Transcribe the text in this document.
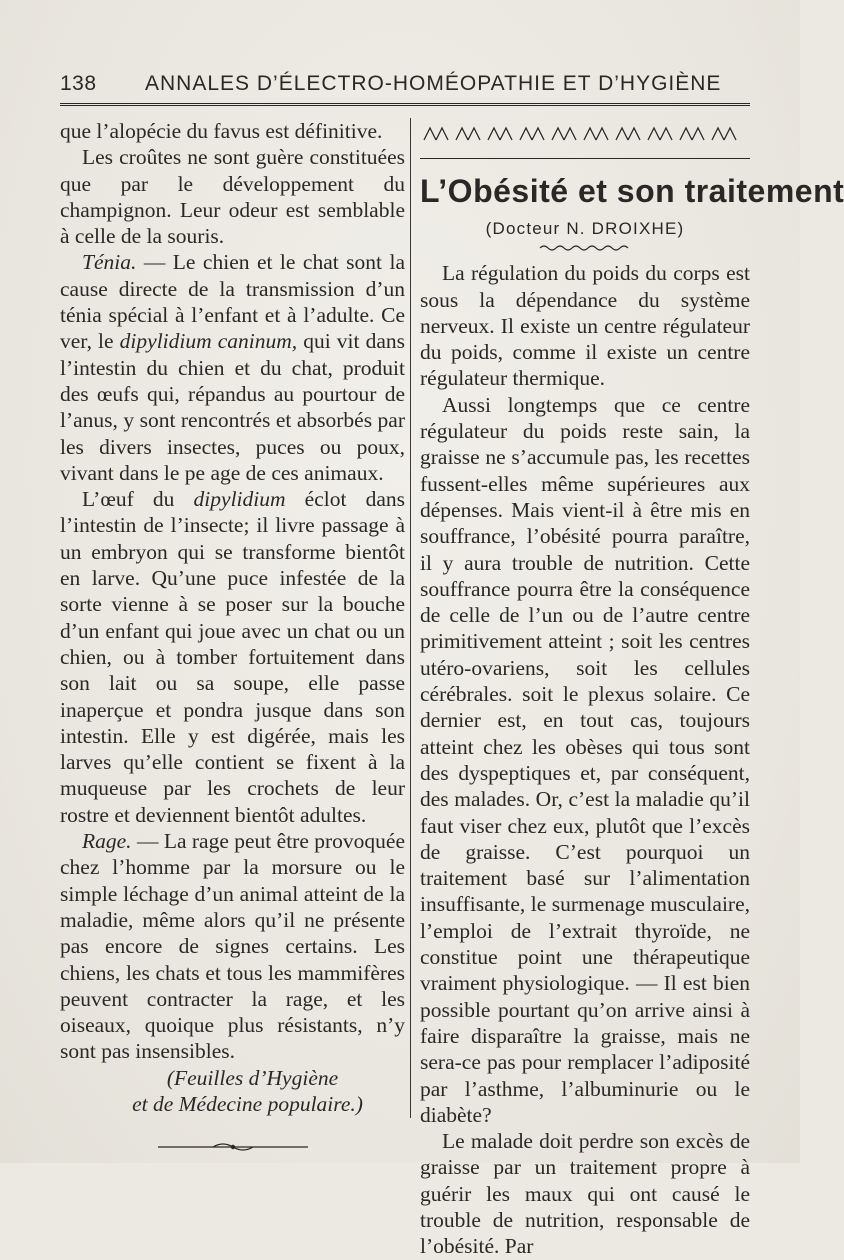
138 ANNALES D’ÉLECTRO-HOMÉOPATHIE ET D’HYGIÈNE

que l’alopécie du favus est définitive.

Les croûtes ne sont guère constituées que par le développement du champignon. Leur odeur est semblable à celle de la souris.

Ténia. — Le chien et le chat sont la cause directe de la transmission d’un ténia spécial à l’enfant et à l’adulte. Ce ver, le dipylidium caninum, qui vit dans l’intestin du chien et du chat, produit des œufs qui, répandus au pourtour de l’anus, y sont rencontrés et absorbés par les divers insectes, puces ou poux, vivant dans le pe age de ces animaux.

L’œuf du dipylidium éclot dans l’intestin de l’insecte; il livre passage à un embryon qui se transforme bientôt en larve. Qu’une puce infestée de la sorte vienne à se poser sur la bouche d’un enfant qui joue avec un chat ou un chien, ou à tomber fortuitement dans son lait ou sa soupe, elle passe inaperçue et pondra jusque dans son intestin. Elle y est digérée, mais les larves qu’elle contient se fixent à la muqueuse par les crochets de leur rostre et deviennent bientôt adultes.

Rage. — La rage peut être provoquée chez l’homme par la morsure ou le simple léchage d’un animal atteint de la maladie, même alors qu’il ne présente pas encore de signes certains. Les chiens, les chats et tous les mammifères peuvent contracter la rage, et les oiseaux, quoique plus résistants, n’y sont pas insensibles.

(Feuilles d’Hygiène

et de Médecine populaire.)

L’Obésité et son traitement
(Docteur N. DROIXHE)

La régulation du poids du corps est sous la dépendance du système nerveux. Il existe un centre régulateur du poids, comme il existe un centre régulateur thermique.

Aussi longtemps que ce centre régulateur du poids reste sain, la graisse ne s’accumule pas, les recettes fussent-elles même supérieures aux dépenses. Mais vient-il à être mis en souffrance, l’obésité pourra paraître, il y aura trouble de nutrition. Cette souffrance pourra être la conséquence de celle de l’un ou de l’autre centre primitivement atteint ; soit les centres utéro-ovariens, soit les cellules cérébrales. soit le plexus solaire. Ce dernier est, en tout cas, toujours atteint chez les obèses qui tous sont des dyspeptiques et, par conséquent, des malades. Or, c’est la maladie qu’il faut viser chez eux, plutôt que l’excès de graisse. C’est pourquoi un traitement basé sur l’alimentation insuffisante, le surmenage musculaire, l’emploi de l’extrait thyroïde, ne constitue point une thérapeutique vraiment physiologique. — Il est bien possible pourtant qu’on arrive ainsi à faire disparaître la graisse, mais ne sera-ce pas pour remplacer l’adiposité par l’asthme, l’albuminurie ou le diabète?

Le malade doit perdre son excès de graisse par un traitement propre à guérir les maux qui ont causé le trouble de nutrition, responsable de l’obésité. Par
